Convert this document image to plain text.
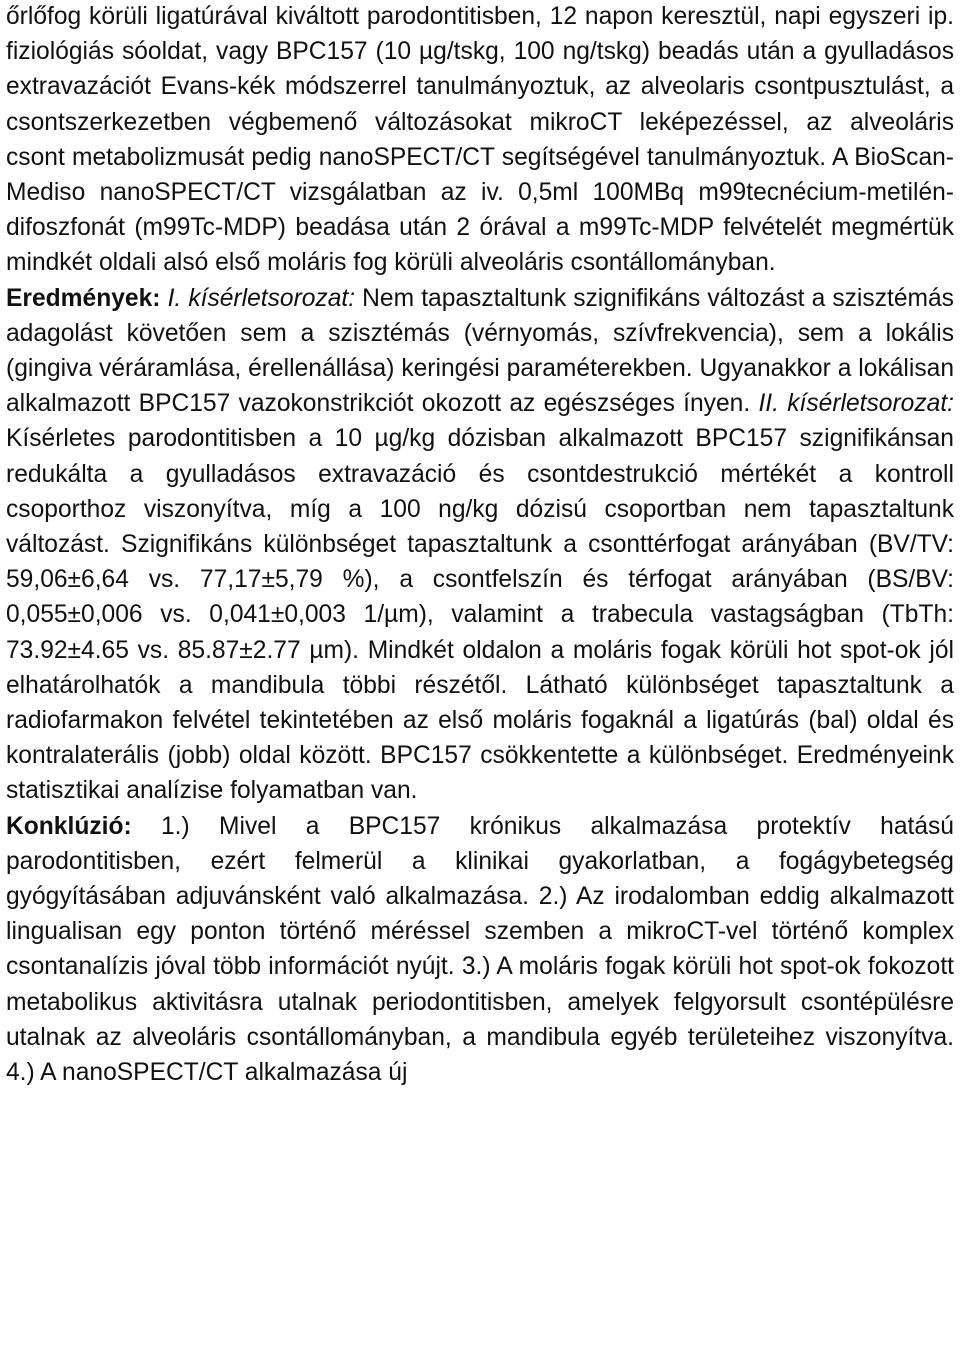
őrlőfog körüli ligatúrával kiváltott parodontitisben, 12 napon keresztül, napi egyszeri ip. fiziológiás sóoldat, vagy BPC157 (10 µg/tskg, 100 ng/tskg) beadás után a gyulladásos extravazációt Evans-kék módszerrel tanulmányoztuk, az alveolaris csontpusztulást, a csontszerkezetben végbemenő változásokat mikroCT leképezéssel, az alveoláris csont metabolizmusát pedig nanoSPECT/CT segítségével tanulmányoztuk. A BioScan-Mediso nanoSPECT/CT vizsgálatban az iv. 0,5ml 100MBq m99tecnécium-metilén-difoszfonát (m99Tc-MDP) beadása után 2 órával a m99Tc-MDP felvételét megmértük mindkét oldali alsó első moláris fog körüli alveoláris csontállományban.

Eredmények: I. kísérletsorozat: Nem tapasztaltunk szignifikáns változást a szisztémás adagolást követően sem a szisztémás (vérnyomás, szívfrekvencia), sem a lokális (gingiva véráramlása, érellenállása) keringési paraméterekben. Ugyanakkor a lokálisan alkalmazott BPC157 vazokonstrikciót okozott az egészséges ínyen. II. kísérletsorozat: Kísérletes parodontitisben a 10 µg/kg dózisban alkalmazott BPC157 szignifikánsan redukálta a gyulladásos extravazáció és csontdestrukció mértékét a kontroll csoporthoz viszonyítva, míg a 100 ng/kg dózisú csoportban nem tapasztaltunk változást. Szignifikáns különbséget tapasztaltunk a csonttérfogat arányában (BV/TV: 59,06±6,64 vs. 77,17±5,79 %), a csontfelszín és térfogat arányában (BS/BV: 0,055±0,006 vs. 0,041±0,003 1/µm), valamint a trabecula vastagságban (TbTh: 73.92±4.65 vs. 85.87±2.77 µm). Mindkét oldalon a moláris fogak körüli hot spot-ok jól elhatárolhatók a mandibula többi részétől. Látható különbséget tapasztaltunk a radiofarmakon felvétel tekintetében az első moláris fogaknál a ligatúrás (bal) oldal és kontralaterális (jobb) oldal között. BPC157 csökkentette a különbséget. Eredményeink statisztikai analízise folyamatban van.

Konklúzió: 1.) Mivel a BPC157 krónikus alkalmazása protektív hatású parodontitisben, ezért felmerül a klinikai gyakorlatban, a fogágybetegség gyógyításában adjuvánsként való alkalmazása. 2.) Az irodalomban eddig alkalmazott lingualisan egy ponton történő méréssel szemben a mikroCT-vel történő komplex csontanalízis jóval több információt nyújt. 3.) A moláris fogak körüli hot spot-ok fokozott metabolikus aktivitásra utalnak periodontitisben, amelyek felgyorsult csontépülésre utalnak az alveoláris csontállományban, a mandibula egyéb területeihez viszonyítva. 4.) A nanoSPECT/CT alkalmazása új
